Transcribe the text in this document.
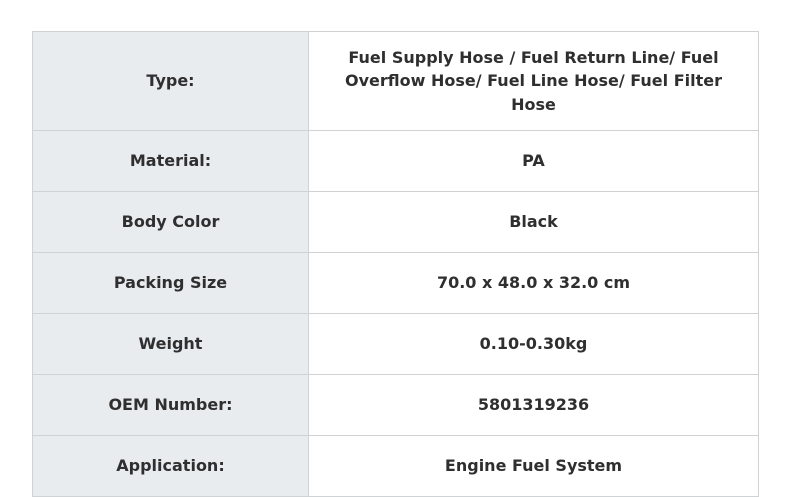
Type:	Fuel Supply Hose / Fuel Return Line/ Fuel Overflow Hose/ Fuel Line Hose/ Fuel Filter Hose
Material:	PA
Body Color	Black
Packing Size	70.0 x 48.0 x 32.0 cm
Weight	0.10-0.30kg
OEM Number:	5801319236
Application:	Engine Fuel System
